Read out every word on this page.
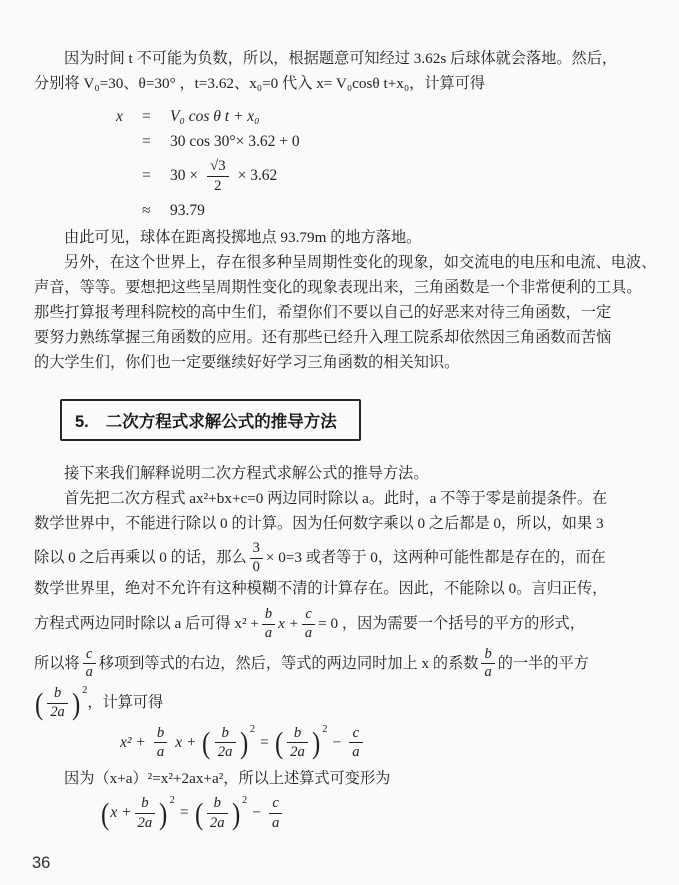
因为时间 t 不可能为负数，所以，根据题意可知经过 3.62s 后球体就会落地。然后，

分别将 V₀=30、θ=30° ，t=3.62、x₀=0 代入 x= V₀cosθ t+x₀，计算可得

x	=	V₀ cos θ t + x₀
=	30 cos 30°× 3.62 + 0
=	$30 \times \frac{√3}{2} \times 3.62$
≈	93.79

由此可见，球体在距离投掷地点 93.79m 的地方落地。

另外，在这个世界上，存在很多种呈周期性变化的现象，如交流电的电压和电流、电波、

声音，等等。要想把这些呈周期性变化的现象表现出来，三角函数是一个非常便利的工具。

那些打算报考理科院校的高中生们，希望你们不要以自己的好恶来对待三角函数，一定

要努力熟练掌握三角函数的应用。还有那些已经升入理工院系却依然因三角函数而苦恼

的大学生们，你们也一定要继续好好学习三角函数的相关知识。

5. 二次方程式求解公式的推导方法

接下来我们解释说明二次方程式求解公式的推导方法。

首先把二次方程式 ax²+bx+c=0 两边同时除以 a。此时，a 不等于零是前提条件。在

数学世界中，不能进行除以 0 的计算。因为任何数字乘以 0 之后都是 0，所以，如果 3

除以 0 之后再乘以 0 的话，那么 $\frac{3}{0} \times 0=3$ 或者等于 0，这两种可能性都是存在的，而在

数学世界里，绝对不允许有这种模糊不清的计算存在。因此，不能除以 0。言归正传，

方程式两边同时除以 a 后可得 $x^2 + \frac{b}{a}$ $x + \frac{c}{a} = 0$ ，因为需要一个括号的平方的形式，

所以将 $\frac{c}{a}$ 移项到等式的右边，然后，等式的两边同时加上 x 的系数 $\frac{b}{a}$ 的一半的平方

( $\frac{b}{2a}$ ) 2
，计算可得

$x^2 + \frac{b}{a}$ x + ( $\frac{b}{2a}$ ) 2
= ( $\frac{b}{2a}$ ) 2
− $\frac{c}{a}$

因为（x+a）²=x²+2ax+a²，所以上述算式可变形为

( $x + \frac{b}{2a}$ ) 2
= ( $\frac{b}{2a}$ ) 2
− $\frac{c}{a}$
36
